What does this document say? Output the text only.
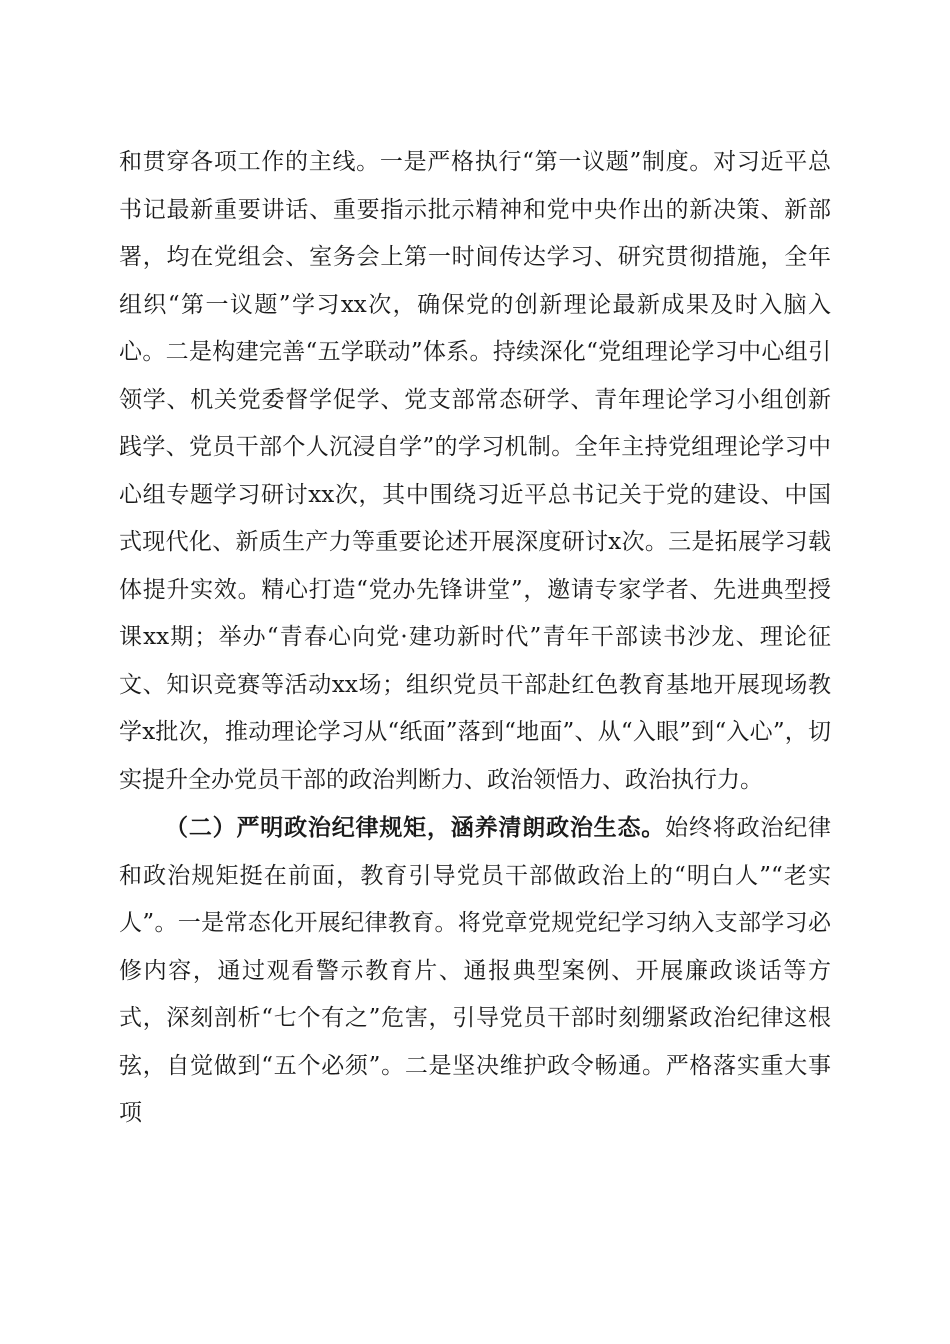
和贯穿各项工作的主线。一是严格执行“第一议题”制度。对习近平总书记最新重要讲话、重要指示批示精神和党中央作出的新决策、新部署，均在党组会、室务会上第一时间传达学习、研究贯彻措施，全年组织“第一议题”学习xx次，确保党的创新理论最新成果及时入脑入心。二是构建完善“五学联动”体系。持续深化“党组理论学习中心组引领学、机关党委督学促学、党支部常态研学、青年理论学习小组创新践学、党员干部个人沉浸自学”的学习机制。全年主持党组理论学习中心组专题学习研讨xx次，其中围绕习近平总书记关于党的建设、中国式现代化、新质生产力等重要论述开展深度研讨x次。三是拓展学习载体提升实效。精心打造“党办先锋讲堂”，邀请专家学者、先进典型授课xx期；举办“青春心向党·建功新时代”青年干部读书沙龙、理论征文、知识竞赛等活动xx场；组织党员干部赴红色教育基地开展现场教学x批次，推动理论学习从“纸面”落到“地面”、从“入眼”到“入心”，切实提升全办党员干部的政治判断力、政治领悟力、政治执行力。

（二）严明政治纪律规矩，涵养清朗政治生态。始终将政治纪律和政治规矩挺在前面，教育引导党员干部做政治上的“明白人”“老实人”。一是常态化开展纪律教育。将党章党规党纪学习纳入支部学习必修内容，通过观看警示教育片、通报典型案例、开展廉政谈话等方式，深刻剖析“七个有之”危害，引导党员干部时刻绷紧政治纪律这根弦，自觉做到“五个必须”。二是坚决维护政令畅通。严格落实重大事项
